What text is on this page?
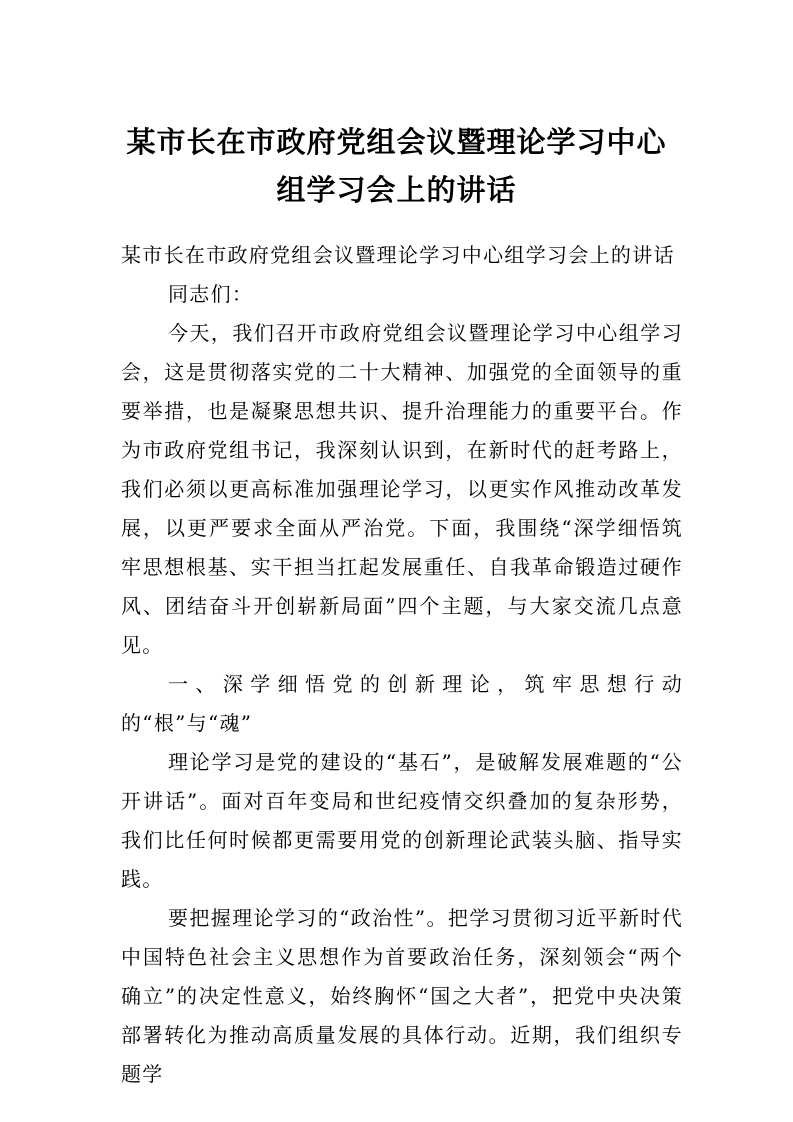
某市长在市政府党组会议暨理论学习中心
组学习会上的讲话

某市长在市政府党组会议暨理论学习中心组学习会上的讲话

同志们：

今天，我们召开市政府党组会议暨理论学习中心组学习会，这是贯彻落实党的二十大精神、加强党的全面领导的重要举措，也是凝聚思想共识、提升治理能力的重要平台。作为市政府党组书记，我深刻认识到，在新时代的赶考路上，我们必须以更高标准加强理论学习，以更实作风推动改革发展，以更严要求全面从严治党。下面，我围绕“深学细悟筑牢思想根基、实干担当扛起发展重任、自我革命锻造过硬作风、团结奋斗开创崭新局面”四个主题，与大家交流几点意见。

一、深学细悟党的创新理论，筑牢思想行动的“根”与“魂”

理论学习是党的建设的“基石”，是破解发展难题的“公开讲话”。面对百年变局和世纪疫情交织叠加的复杂形势，我们比任何时候都更需要用党的创新理论武装头脑、指导实践。

要把握理论学习的“政治性”。把学习贯彻习近平新时代中国特色社会主义思想作为首要政治任务，深刻领会“两个确立”的决定性意义，始终胸怀“国之大者”，把党中央决策部署转化为推动高质量发展的具体行动。近期，我们组织专题学
